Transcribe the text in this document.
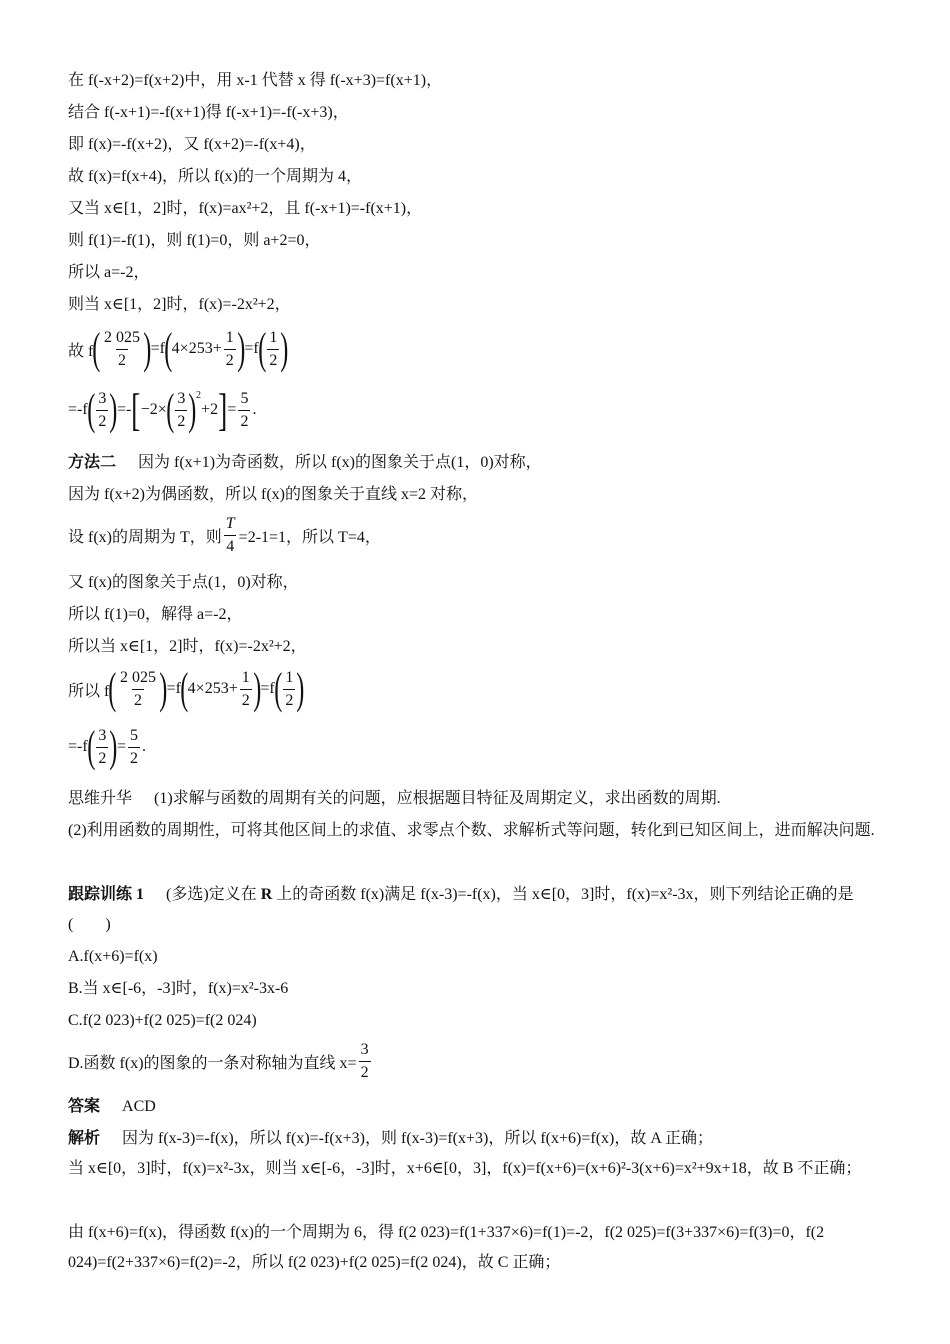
在 f(-x+2)=f(x+2)中，用 x-1 代替 x 得 f(-x+3)=f(x+1)，
结合 f(-x+1)=-f(x+1)得 f(-x+1)=-f(-x+3)，
即 f(x)=-f(x+2)，又 f(x+2)=-f(x+4)，
故 f(x)=f(x+4)，所以 f(x)的一个周期为 4，
又当 x∈[1，2]时，f(x)=ax²+2，且 f(-x+1)=-f(x+1)，
则 f(1)=-f(1)，则 f(1)=0，则 a+2=0，
所以 a=-2，
则当 x∈[1，2]时，f(x)=-2x²+2，
故 f ( $\frac{2 025}{2}$ ) =f ( $4\times 253+ \frac{1}{2}$ ) =f ( $\frac{1}{2}$ )
=-f ( $\frac{3}{2}$ ) =- [ −2× ( $\frac{3}{2}$ ) 2
+2 ] = $\frac{5}{2}$ .
方法二 因为 f(x+1)为奇函数，所以 f(x)的图象关于点(1，0)对称，
因为 f(x+2)为偶函数，所以 f(x)的图象关于直线 x=2 对称，
设 f(x)的周期为 T，则 $\frac{T}{4} =2-1=1$，所以 T=4，
又 f(x)的图象关于点(1，0)对称，
所以 f(1)=0，解得 a=-2，
所以当 x∈[1，2]时，f(x)=-2x²+2，
所以 f ( $\frac{2 025}{2}$ ) =f ( $4\times 253+ \frac{1}{2}$ ) =f ( $\frac{1}{2}$ )
=-f ( $\frac{3}{2}$ ) = $\frac{5}{2}$ .
思维升华 (1)求解与函数的周期有关的问题，应根据题目特征及周期定义，求出函数的周期.
(2)利用函数的周期性，可将其他区间上的求值、求零点个数、求解析式等问题，转化到已知区间上，进而解决问题.
跟踪训练 1 (多选)定义在 R 上的奇函数 f(x)满足 f(x-3)=-f(x)，当 x∈[0，3]时，f(x)=x²-3x，则下列结论正确的是(　　)
A.f(x+6)=f(x)
B.当 x∈[-6，-3]时，f(x)=x²-3x-6
C.f(2 023)+f(2 025)=f(2 024)
D.函数 f(x)的图象的一条对称轴为直线 $x= \frac{3}{2}$
答案 ACD
解析 因为 f(x-3)=-f(x)，所以 f(x)=-f(x+3)，则 f(x-3)=f(x+3)，所以 f(x+6)=f(x)，故 A 正确；
当 x∈[0，3]时，f(x)=x²-3x，则当 x∈[-6，-3]时，x+6∈[0，3]，f(x)=f(x+6)=(x+6)²-3(x+6)=x²+9x+18，故 B 不正确；
由 f(x+6)=f(x)，得函数 f(x)的一个周期为 6，得 f(2 023)=f(1+337×6)=f(1)=-2，f(2 025)=f(3+337×6)=f(3)=0，f(2 024)=f(2+337×6)=f(2)=-2，所以 f(2 023)+f(2 025)=f(2 024)，故 C 正确；
